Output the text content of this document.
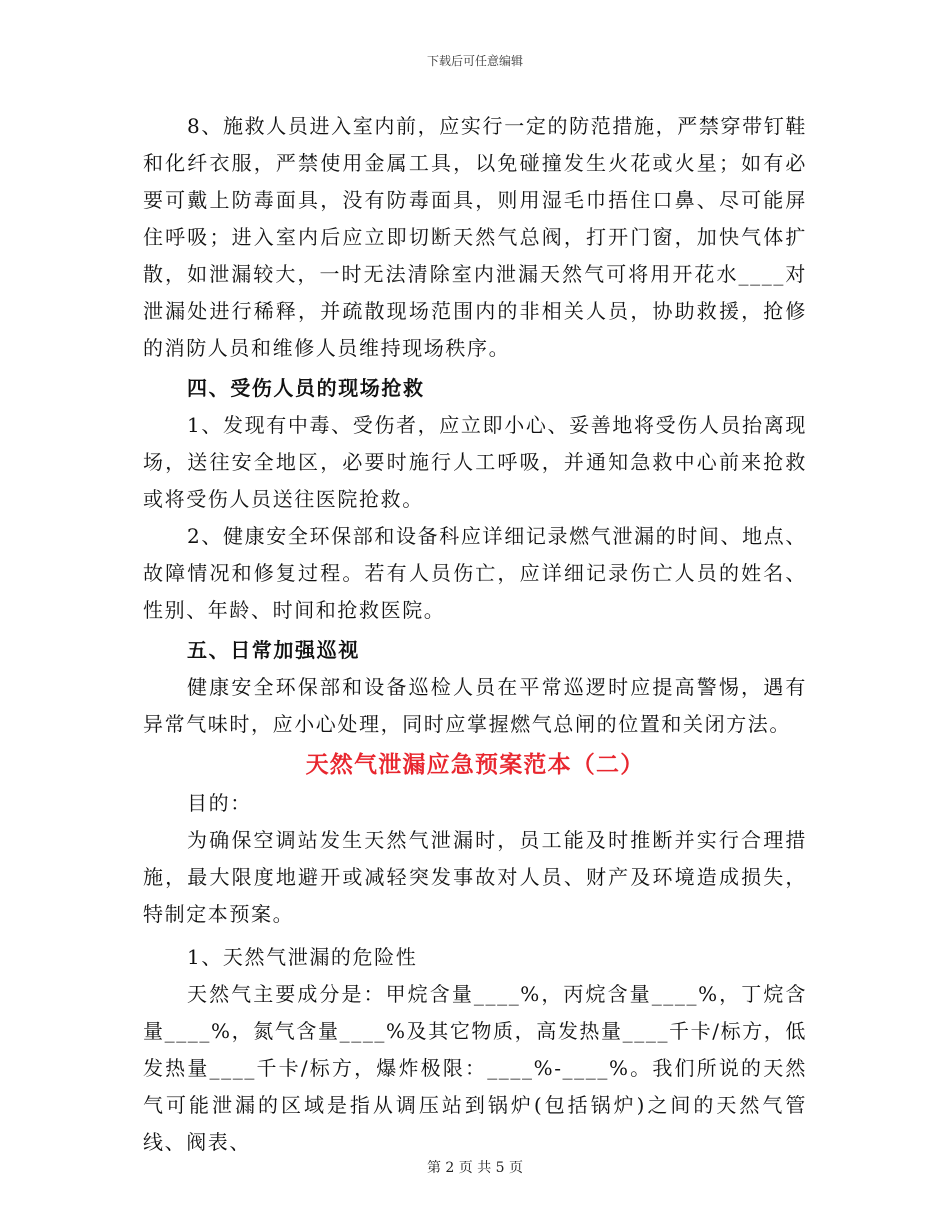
下载后可任意编辑

8、施救人员进入室内前，应实行一定的防范措施，严禁穿带钉鞋和化纤衣服，严禁使用金属工具，以免碰撞发生火花或火星；如有必要可戴上防毒面具，没有防毒面具，则用湿毛巾捂住口鼻、尽可能屏住呼吸；进入室内后应立即切断天然气总阀，打开门窗，加快气体扩散，如泄漏较大，一时无法清除室内泄漏天然气可将用开花水____对泄漏处进行稀释，并疏散现场范围内的非相关人员，协助救援，抢修的消防人员和维修人员维持现场秩序。

四、受伤人员的现场抢救

1、发现有中毒、受伤者，应立即小心、妥善地将受伤人员抬离现场，送往安全地区，必要时施行人工呼吸，并通知急救中心前来抢救或将受伤人员送往医院抢救。

2、健康安全环保部和设备科应详细记录燃气泄漏的时间、地点、故障情况和修复过程。若有人员伤亡，应详细记录伤亡人员的姓名、性别、年龄、时间和抢救医院。

五、日常加强巡视

健康安全环保部和设备巡检人员在平常巡逻时应提高警惕，遇有异常气味时，应小心处理，同时应掌握燃气总闸的位置和关闭方法。

天然气泄漏应急预案范本（二）

目的：

为确保空调站发生天然气泄漏时，员工能及时推断并实行合理措施，最大限度地避开或减轻突发事故对人员、财产及环境造成损失，特制定本预案。

1、天然气泄漏的危险性

天然气主要成分是：甲烷含量____%，丙烷含量____%，丁烷含量____%，氮气含量____%及其它物质，高发热量____千卡/标方，低发热量____千卡/标方，爆炸极限：____%-____%。我们所说的天然气可能泄漏的区域是指从调压站到锅炉(包括锅炉)之间的天然气管线、阀表、

第 2 页 共 5 页
